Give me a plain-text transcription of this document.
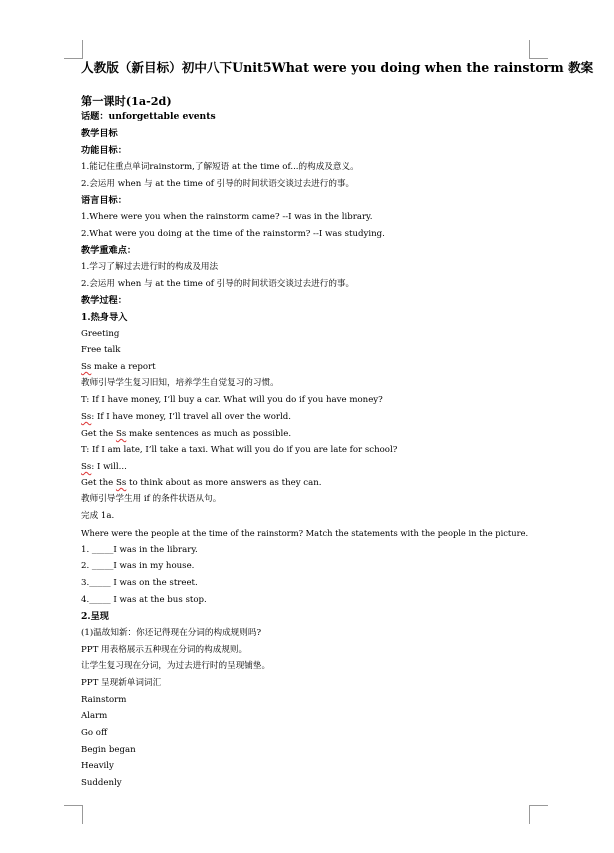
人教版（新目标）初中八下Unit5What were you doing when the rainstorm 教案
第一课时(1a-2d)
话题：unforgettable events
教学目标
功能目标：
1.能记住重点单词rainstorm,了解短语 at the time of...的构成及意义。
2.会运用 when 与 at the time of 引导的时间状语交谈过去进行的事。
语言目标：
1.Where were you when the rainstorm came? --I was in the library.
2.What were you doing at the time of the rainstorm? --I was studying.
教学重难点：
1.学习了解过去进行时的构成及用法
2.会运用 when 与 at the time of 引导的时间状语交谈过去进行的事。
教学过程：
1.热身导入
Greeting
Free talk
Ss make a report
教师引导学生复习旧知，培养学生自觉复习的习惯。
T: If I have money, I’ll buy a car. What will you do if you have money?
Ss: If I have money, I’ll travel all over the world.
Get the Ss make sentences as much as possible.
T: If I am late, I’ll take a taxi. What will you do if you are late for school?
Ss: I will...
Get the Ss to think about as more answers as they can.
教师引导学生用 if 的条件状语从句。
完成 1a.
Where were the people at the time of the rainstorm? Match the statements with the people in the picture.
1. _____I was in the library.
2. _____I was in my house.
3._____ I was on the street.
4._____ I was at the bus stop.
2.呈现
(1)温故知新：你还记得现在分词的构成规则吗?
PPT 用表格展示五种现在分词的构成规则。
让学生复习现在分词，为过去进行时的呈现铺垫。
PPT 呈现新单词词汇
Rainstorm
Alarm
Go off
Begin began
Heavily
Suddenly
